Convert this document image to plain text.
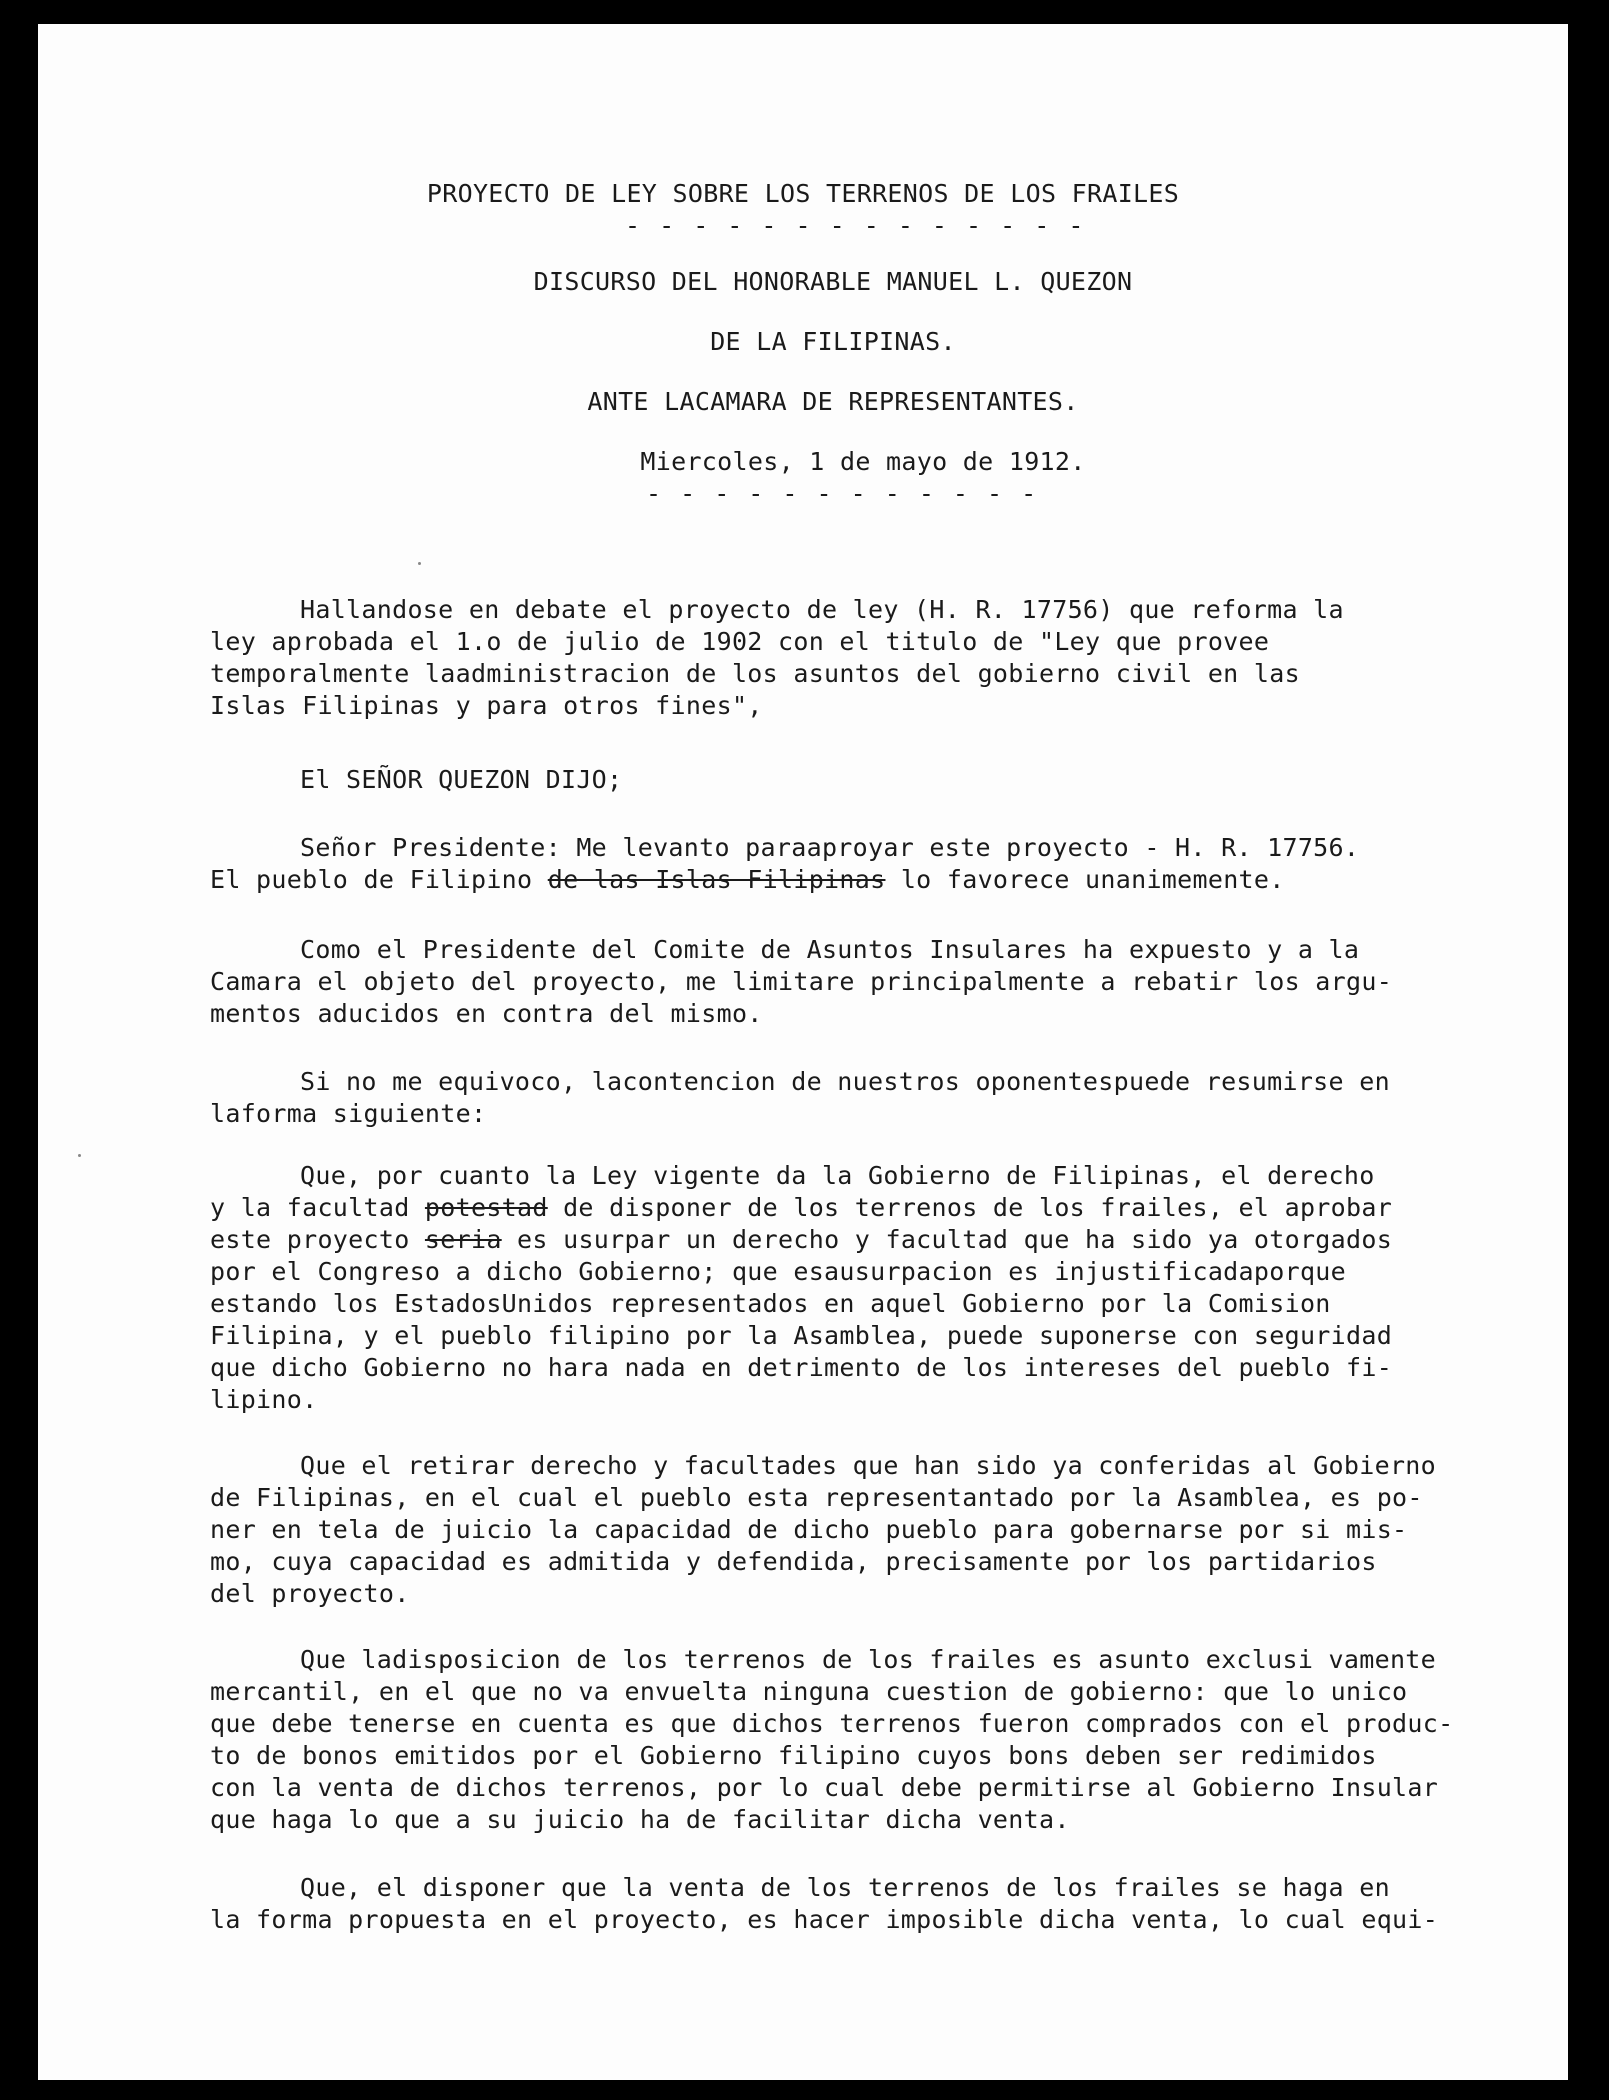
PROYECTO DE LEY SOBRE LOS TERRENOS DE LOS FRAILES
- - - - - - - - - - - - - -
DISCURSO DEL HONORABLE MANUEL L. QUEZON
DE LA FILIPINAS.
ANTE LACAMARA DE REPRESENTANTES.
Miercoles, 1 de mayo de 1912.
- - - - - - - - - - - -
Hallandose en debate el proyecto de ley (H. R. 17756) que reforma la
ley aprobada el 1.o de julio de 1902 con el titulo de "Ley que provee
temporalmente laadministracion de los asuntos del gobierno civil en las
Islas Filipinas y para otros fines",
El SEÑOR QUEZON DIJO;
Señor Presidente: Me levanto paraaproyar este proyecto - H. R. 17756.
El pueblo de Filipino de las Islas Filipinas lo favorece unanimemente.
Como el Presidente del Comite de Asuntos Insulares ha expuesto y a la
Camara el objeto del proyecto, me limitare principalmente a rebatir los argu-
mentos aducidos en contra del mismo.
Si no me equivoco, lacontencion de nuestros oponentespuede resumirse en
laforma siguiente:
Que, por cuanto la Ley vigente da la Gobierno de Filipinas, el derecho
y la facultad potestad de disponer de los terrenos de los frailes, el aprobar
este proyecto seria es usurpar un derecho y facultad que ha sido ya otorgados
por el Congreso a dicho Gobierno; que esausurpacion es injustificadaporque
estando los EstadosUnidos representados en aquel Gobierno por la Comision
Filipina, y el pueblo filipino por la Asamblea, puede suponerse con seguridad
que dicho Gobierno no hara nada en detrimento de los intereses del pueblo fi-
lipino.
Que el retirar derecho y facultades que han sido ya conferidas al Gobierno
de Filipinas, en el cual el pueblo esta representantado por la Asamblea, es po-
ner en tela de juicio la capacidad de dicho pueblo para gobernarse por si mis-
mo, cuya capacidad es admitida y defendida, precisamente por los partidarios
del proyecto.
Que ladisposicion de los terrenos de los frailes es asunto exclusi vamente
mercantil, en el que no va envuelta ninguna cuestion de gobierno: que lo unico
que debe tenerse en cuenta es que dichos terrenos fueron comprados con el produc-
to de bonos emitidos por el Gobierno filipino cuyos bons deben ser redimidos
con la venta de dichos terrenos, por lo cual debe permitirse al Gobierno Insular
que haga lo que a su juicio ha de facilitar dicha venta.
Que, el disponer que la venta de los terrenos de los frailes se haga en
la forma propuesta en el proyecto, es hacer imposible dicha venta, lo cual equi-
